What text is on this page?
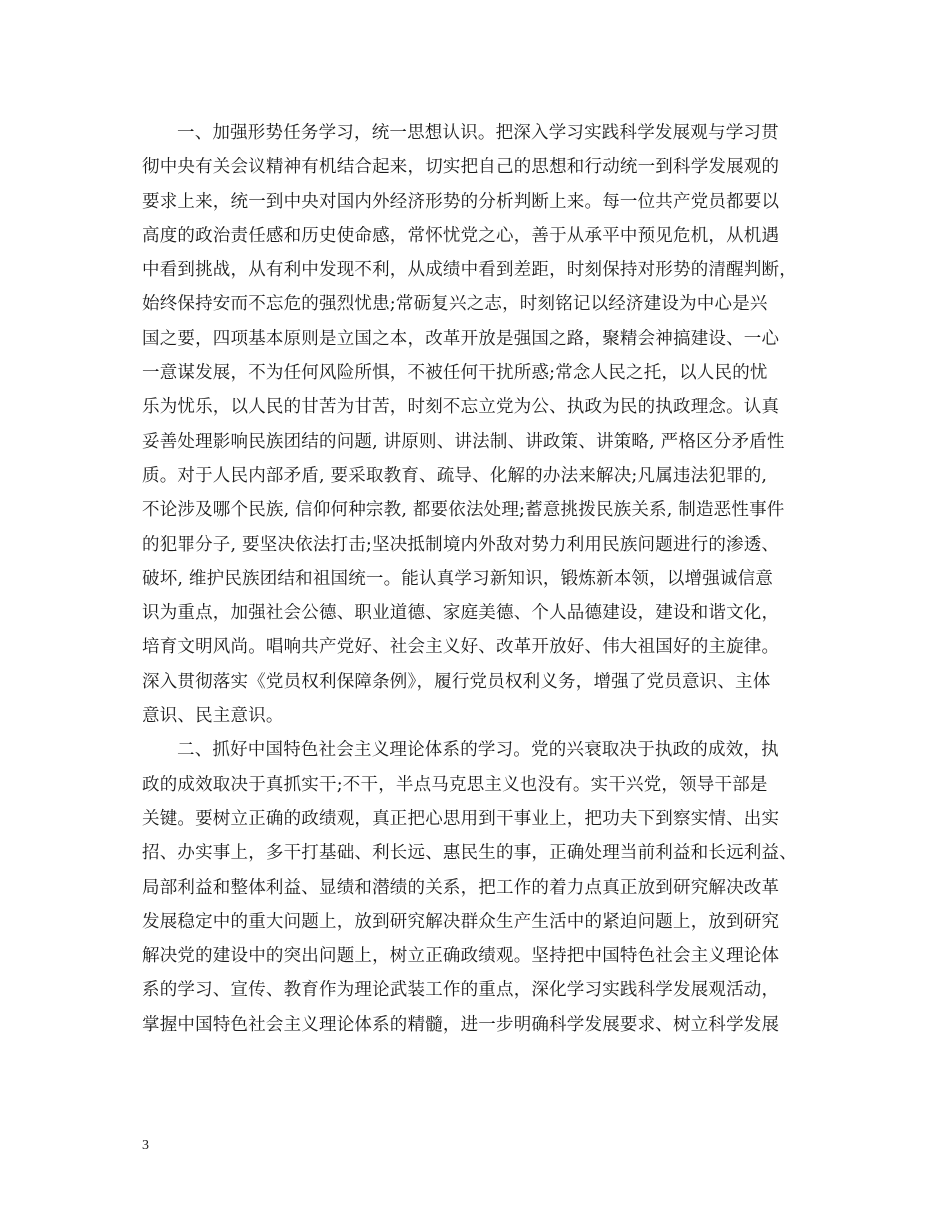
一、加强形势任务学习，统一思想认识。把深入学习实践科学发展观与学习贯
彻中央有关会议精神有机结合起来，切实把自己的思想和行动统一到科学发展观的
要求上来，统一到中央对国内外经济形势的分析判断上来。每一位共产党员都要以
高度的政治责任感和历史使命感，常怀忧党之心，善于从承平中预见危机，从机遇
中看到挑战，从有利中发现不利，从成绩中看到差距，时刻保持对形势的清醒判断，
始终保持安而不忘危的强烈忧患;常砺复兴之志，时刻铭记以经济建设为中心是兴
国之要，四项基本原则是立国之本，改革开放是强国之路，聚精会神搞建设、一心
一意谋发展，不为任何风险所惧，不被任何干扰所惑;常念人民之托，以人民的忧
乐为忧乐，以人民的甘苦为甘苦，时刻不忘立党为公、执政为民的执政理念。认真
妥善处理影响民族团结的问题, 讲原则、讲法制、讲政策、讲策略, 严格区分矛盾性
质。对于人民内部矛盾, 要采取教育、疏导、化解的办法来解决;凡属违法犯罪的,
不论涉及哪个民族, 信仰何种宗教, 都要依法处理;蓄意挑拨民族关系, 制造恶性事件
的犯罪分子, 要坚决依法打击;坚决抵制境内外敌对势力利用民族问题进行的渗透、
破坏, 维护民族团结和祖国统一。能认真学习新知识，锻炼新本领，以增强诚信意
识为重点，加强社会公德、职业道德、家庭美德、个人品德建设，建设和谐文化，
培育文明风尚。唱响共产党好、社会主义好、改革开放好、伟大祖国好的主旋律。
深入贯彻落实《党员权利保障条例》，履行党员权利义务，增强了党员意识、主体
意识、民主意识。
二、抓好中国特色社会主义理论体系的学习。党的兴衰取决于执政的成效，执
政的成效取决于真抓实干;不干，半点马克思主义也没有。实干兴党，领导干部是
关键。要树立正确的政绩观，真正把心思用到干事业上，把功夫下到察实情、出实
招、办实事上，多干打基础、利长远、惠民生的事，正确处理当前利益和长远利益、
局部利益和整体利益、显绩和潜绩的关系，把工作的着力点真正放到研究解决改革
发展稳定中的重大问题上，放到研究解决群众生产生活中的紧迫问题上，放到研究
解决党的建设中的突出问题上，树立正确政绩观。坚持把中国特色社会主义理论体
系的学习、宣传、教育作为理论武装工作的重点，深化学习实践科学发展观活动，
掌握中国特色社会主义理论体系的精髓，进一步明确科学发展要求、树立科学发展
3
